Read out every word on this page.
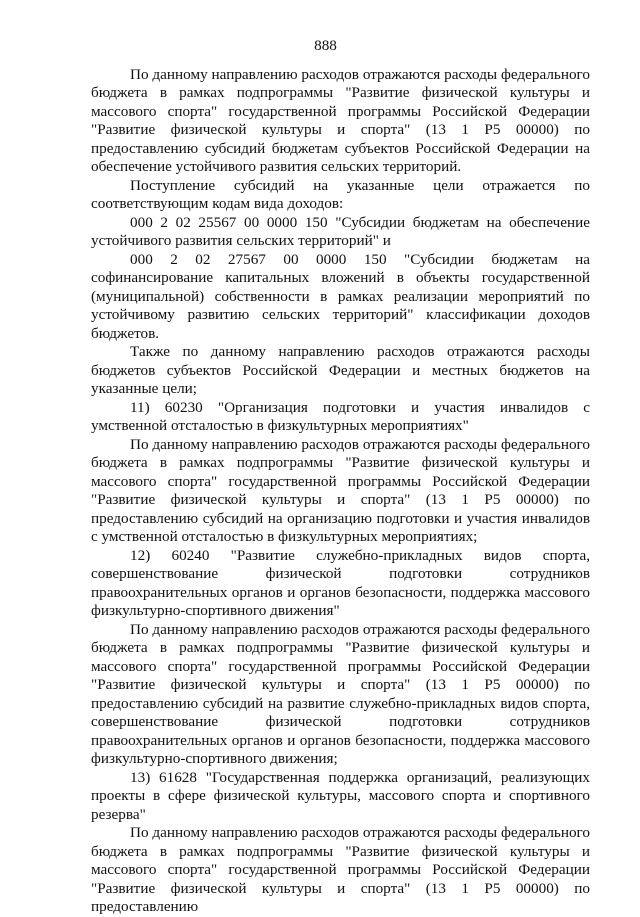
888

По данному направлению расходов отражаются расходы федерального бюджета в рамках подпрограммы "Развитие физической культуры и массового спорта" государственной программы Российской Федерации "Развитие физической культуры и спорта" (13 1 Р5 00000) по предоставлению субсидий бюджетам субъектов Российской Федерации на обеспечение устойчивого развития сельских территорий.

Поступление субсидий на указанные цели отражается по соответствующим кодам вида доходов:

000 2 02 25567 00 0000 150 "Субсидии бюджетам на обеспечение устойчивого развития сельских территорий" и

000 2 02 27567 00 0000 150 "Субсидии бюджетам на софинансирование капитальных вложений в объекты государственной (муниципальной) собственности в рамках реализации мероприятий по устойчивому развитию сельских территорий" классификации доходов бюджетов.

Также по данному направлению расходов отражаются расходы бюджетов субъектов Российской Федерации и местных бюджетов на указанные цели;

11) 60230 "Организация подготовки и участия инвалидов с умственной отсталостью в физкультурных мероприятиях"

По данному направлению расходов отражаются расходы федерального бюджета в рамках подпрограммы "Развитие физической культуры и массового спорта" государственной программы Российской Федерации "Развитие физической культуры и спорта" (13 1 Р5 00000) по предоставлению субсидий на организацию подготовки и участия инвалидов с умственной отсталостью в физкультурных мероприятиях;

12) 60240 "Развитие служебно-прикладных видов спорта, совершенствование физической подготовки сотрудников правоохранительных органов и органов безопасности, поддержка массового физкультурно-спортивного движения"

По данному направлению расходов отражаются расходы федерального бюджета в рамках подпрограммы "Развитие физической культуры и массового спорта" государственной программы Российской Федерации "Развитие физической культуры и спорта" (13 1 Р5 00000) по предоставлению субсидий на развитие служебно-прикладных видов спорта, совершенствование физической подготовки сотрудников правоохранительных органов и органов безопасности, поддержка массового физкультурно-спортивного движения;

13) 61628 "Государственная поддержка организаций, реализующих проекты в сфере физической культуры, массового спорта и спортивного резерва"

По данному направлению расходов отражаются расходы федерального бюджета в рамках подпрограммы "Развитие физической культуры и массового спорта" государственной программы Российской Федерации "Развитие физической культуры и спорта" (13 1 Р5 00000) по предоставлению
